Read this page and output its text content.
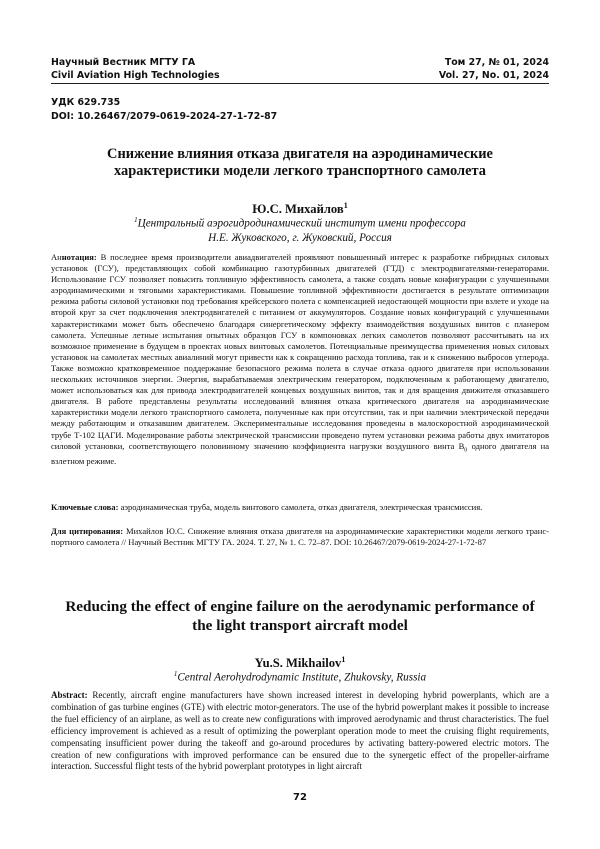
Научный Вестник МГТУ ГА	Том 27, № 01, 2024
Civil Aviation High Technologies	Vol. 27, No. 01, 2024
УДК 629.735
DOI: 10.26467/2079-0619-2024-27-1-72-87
Снижение влияния отказа двигателя на аэродинамические характеристики модели легкого транспортного самолета
Ю.С. Михайлов$^1$
$^1$Центральный аэрогидродинамический институт имени профессора
Н.Е. Жуковского, г. Жуковский, Россия
Аннотация: В последнее время производители авиадвигателей проявляют повышенный интерес к разработке гибридных силовых установок (ГСУ), представляющих собой комбинацию газотурбинных двигателей (ГТД) с электродвигателями-генераторами. Использование ГСУ позволяет повысить топливную эффективность самолета, а также создать новые конфигурации с улучшенными аэродинамическими и тяговыми характеристиками. Повышение топливной эффективности достигается в результате оптимизации режима работы силовой установки под требования крейсерского полета с компенсацией недостающей мощности при взлете и уходе на второй круг за счет подключения электродвигателей с питанием от аккумуляторов. Создание новых конфигураций с улучшенными характеристиками может быть обеспечено благодаря синергетическому эффекту взаимодействия воздушных винтов с планером самолета. Успешные летные испытания опытных образцов ГСУ в компоновках легких самолетов позволяют рассчитывать на их возможное применение в будущем в проектах новых винтовых самолетов. Потенциальные преимущества применения новых силовых установок на самолетах местных авиалиний могут привести как к сокращению расхода топлива, так и к снижению выбросов углерода. Также возможно кратковременное поддержание безопасного режима полета в случае отказа одного двигателя при использовании нескольких источников энергии. Энергия, вырабатываемая электрическим генератором, подключенным к работающему двигателю, может использоваться как для привода электродвигателей концевых воздушных винтов, так и для вращения движителя отказавшего двигателя. В работе представлены результаты исследований влияния отказа критического двигателя на аэродинамические характеристики модели легкого транспортного самолета, полученные как при отсутствии, так и при наличии электрической передачи между работающим и отказавшим двигателем. Экспериментальные исследования проведены в малоскоростной аэродинамической трубе Т-102 ЦАГИ. Моделирование работы электрической трансмиссии проведено путем установки режима работы двух имитаторов силовой установки, соответствующего половинному значению коэффициента нагрузки воздушного винта $B_0$ одного двигателя на взлетном режиме.
Ключевые слова: аэродинамическая труба, модель винтового самолета, отказ двигателя, электрическая трансмиссия.
Для цитирования: Михайлов Ю.С. Снижение влияния отказа двигателя на аэродинамические характеристики модели легкого транс-портного самолета // Научный Вестник МГТУ ГА. 2024. Т. 27, № 1. С. 72–87. DOI: 10.26467/2079-0619-2024-27-1-72-87
Reducing the effect of engine failure on the aerodynamic performance of the light transport aircraft model
Yu.S. Mikhailov$^1$
$^1$Central Aerohydrodynamic Institute, Zhukovsky, Russia
Abstract: Recently, aircraft engine manufacturers have shown increased interest in developing hybrid powerplants, which are a combination of gas turbine engines (GTE) with electric motor-generators. The use of the hybrid powerplant makes it possible to increase the fuel efficiency of an airplane, as well as to create new configurations with improved aerodynamic and thrust characteristics. The fuel efficiency improvement is achieved as a result of optimizing the powerplant operation mode to meet the cruising flight requirements, compensating insufficient power during the takeoff and go-around procedures by activating battery-powered electric motors. The creation of new configurations with improved performance can be ensured due to the synergetic effect of the propeller-airframe interaction. Successful flight tests of the hybrid powerplant prototypes in light aircraft
72
